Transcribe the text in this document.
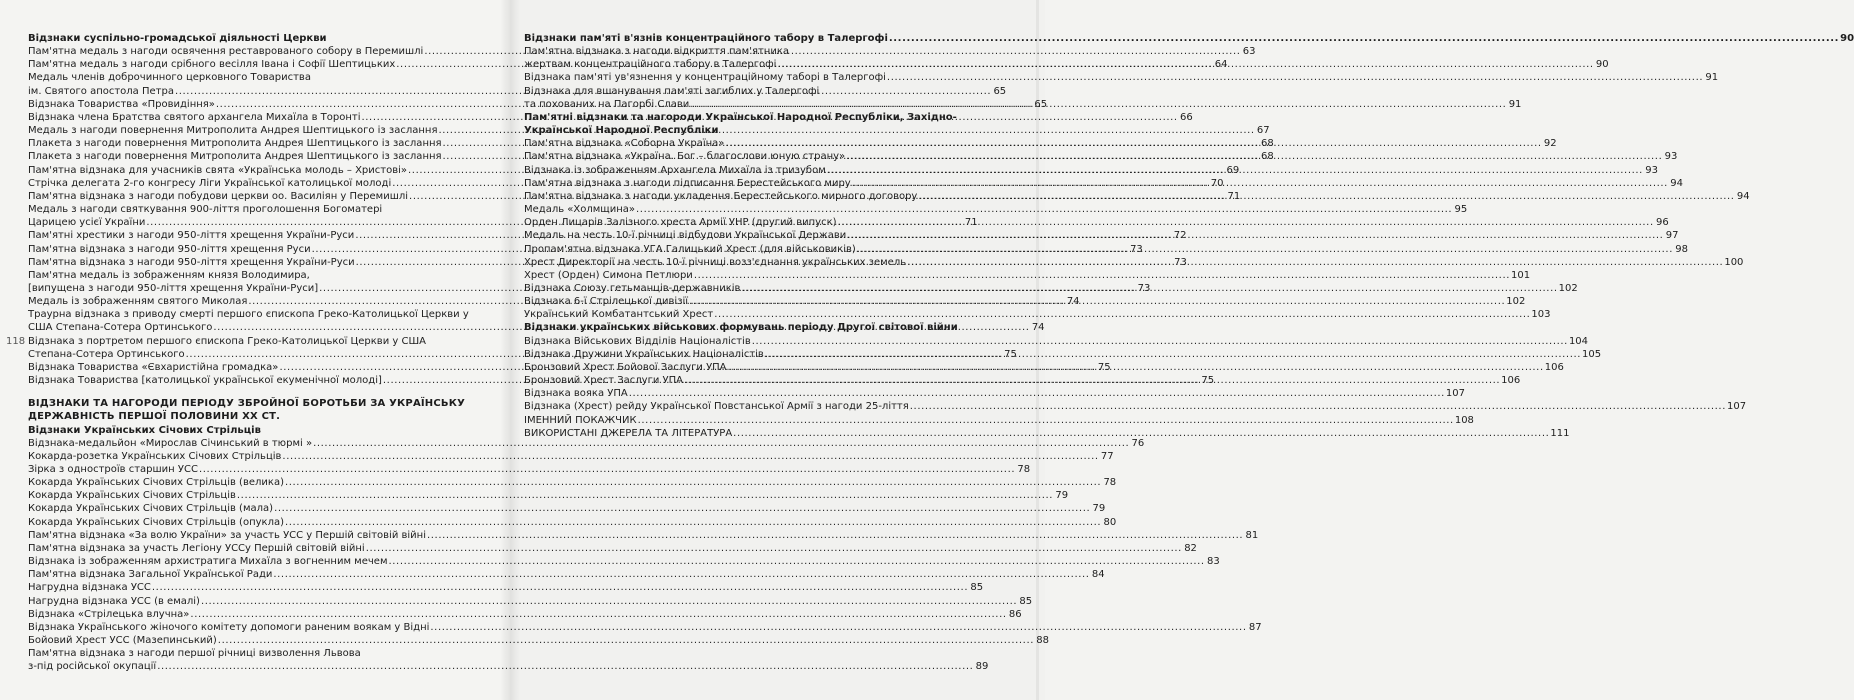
118
Відзнаки суспільно-громадської діяльності Церкви
Пам'ятна медаль з нагоди освячення реставрованого собору в Перемишлі .....	63
Пам'ятна медаль з нагоди срібного весілля Івана і Софії Шептицьких .....	64
Медаль членів доброчинного церковного Товариства
ім. Святого апостола Петра .....	65
Відзнака Товариства «Провидіння» .....	65
Відзнака члена Братства святого архангела Михаїла в Торонті .....	66
Медаль з нагоди повернення Митрополита Андрея Шептицького із заслання .....	67
Плакета з нагоди повернення Митрополита Андрея Шептицького із заслання .....	68
Плакета з нагоди повернення Митрополита Андрея Шептицького із заслання .....	68
Пам'ятна відзнака для учасників свята «Українська молодь – Христові» .....	69
Стрічка делегата 2-го конгресу Ліги Української католицької молоді .....	70
Пам'ятна відзнака з нагоди побудови церкви оо. Василіян у Перемишлі .....	71
Медаль з нагоди святкування 900-ліття проголошення Богоматері
Царицею усієї України .....	71
Пам'ятні хрестики з нагоди 950-ліття хрещення України-Руси .....	72
Пам'ятна відзнака з нагоди 950-ліття хрещення Руси .....	73
Пам'ятна відзнака з нагоди 950-ліття хрещення України-Руси .....	73
Пам'ятна медаль із зображенням князя Володимира,
[випущена з нагоди 950-ліття хрещення України-Руси] .....	73
Медаль із зображенням святого Миколая .....	74
Траурна відзнака з приводу смерті першого єпископа Греко-Католицької Церкви у
США Степана-Сотера Ортинського .....	74
Відзнака з портретом першого єпископа Греко-Католицької Церкви у США
Степана-Сотера Ортинського .....	75
Відзнака Товариства «Євхаристійна громадка» .....	75
Відзнака Товариства [католицької української екуменічної молоді] .....	75
ВІДЗНАКИ ТА НАГОРОДИ ПЕРІОДУ ЗБРОЙНОЇ БОРОТЬБИ ЗА УКРАЇНСЬКУ
ДЕРЖАВНІСТЬ ПЕРШОЇ ПОЛОВИНИ ХХ СТ.
Відзнаки Українських Січових Стрільців
Відзнака-медальйон «Мирослав Січинський в тюрмі » .....	76
Кокарда-розетка Українських Січових Стрільців .....	77
Зірка з одностроїв старшин УСС .....	78
Кокарда Українських Січових Стрільців (велика) .....	78
Кокарда Українських Січових Стрільців .....	79
Кокарда Українських Січових Стрільців (мала) .....	79
Кокарда Українських Січових Стрільців (опукла) .....	80
Пам'ятна відзнака «За волю України» за участь УСС у Першій світовій війні .....	81
Пам'ятна відзнака за участь Легіону УССу Першій світовій війні .....	82
Відзнака із зображенням архистратига Михаїла з вогненним мечем .....	83
Пам'ятна відзнака Загальної Української Ради .....	84
Нагрудна відзнака УСС .....	85
Нагрудна відзнака УСС (в емалі) .....	85
Відзнака «Стрілецька влучна» .....	86
Відзнака Українського жіночого комітету допомоги раненим воякам у Відні .....	87
Бойовий Хрест УСС (Мазепинський) .....	88
Пам'ятна відзнака з нагоди першої річниці визволення Львова
з-під російської окупації .....	89
Відзнаки пам'яті в'язнів концентраційного табору в Талергофі .....	90
Пам'ятна відзнака з нагоди відкриття пам'ятника
жертвам концентраційного табору в Талергофі .....	90
Відзнака пам'яті ув'язнення у концентраційному таборі в Талергофі .....	91
Відзнака для вшанування пам'яті загиблих у Талергофі
та похованих на Пагорбі Слави .....	91
Пам'ятні відзнаки та нагороди Української Народної Республіки, Західно-
Української Народної Республіки
Пам'ятна відзнака «Соборна Україна» .....	92
Пам'ятна відзнака «Україна. Бог – благослови юную страну» .....	93
Відзнака із зображенням Архангела Михаїла із тризубом .....	93
Пам'ятна відзнака з нагоди підписання Берестейського миру .....	94
Пам'ятна відзнака з нагоди укладення Берестейського мирного договору .....	94
Медаль «Холмщина» .....	95
Орден Лицарів Залізного хреста Армії УНР (другий випуск) .....	96
Медаль на честь 10-ї річниці відбудови Української Держави .....	97
Пропам'ятна відзнака УГА Галицький Хрест (для військовиків) .....	98
Хрест Директорії на честь 10-ї річниці возз'єднання українських земель .....	100
Хрест (Орден) Симона Петлюри .....	101
Відзнака Союзу гетьманців-державників .....	102
Відзнака 6-ї Стрілецької дивізії .....	102
Український Комбатантський Хрест .....	103
Відзнаки українських військових формувань періоду Другої світової війни
Відзнака Військових Відділів Націоналістів .....	104
Відзнака Дружини Українських Націоналістів .....	105
Бронзовий Хрест Бойової Заслуги УПА .....	106
Бронзовий Хрест Заслуги УПА .....	106
Відзнака вояка УПА .....	107
Відзнака (Хрест) рейду Української Повстанської Армії з нагоди 25-ліття .....	107
ІМЕННИЙ ПОКАЖЧИК .....	108
ВИКОРИСТАНІ ДЖЕРЕЛА ТА ЛІТЕРАТУРА .....	111
